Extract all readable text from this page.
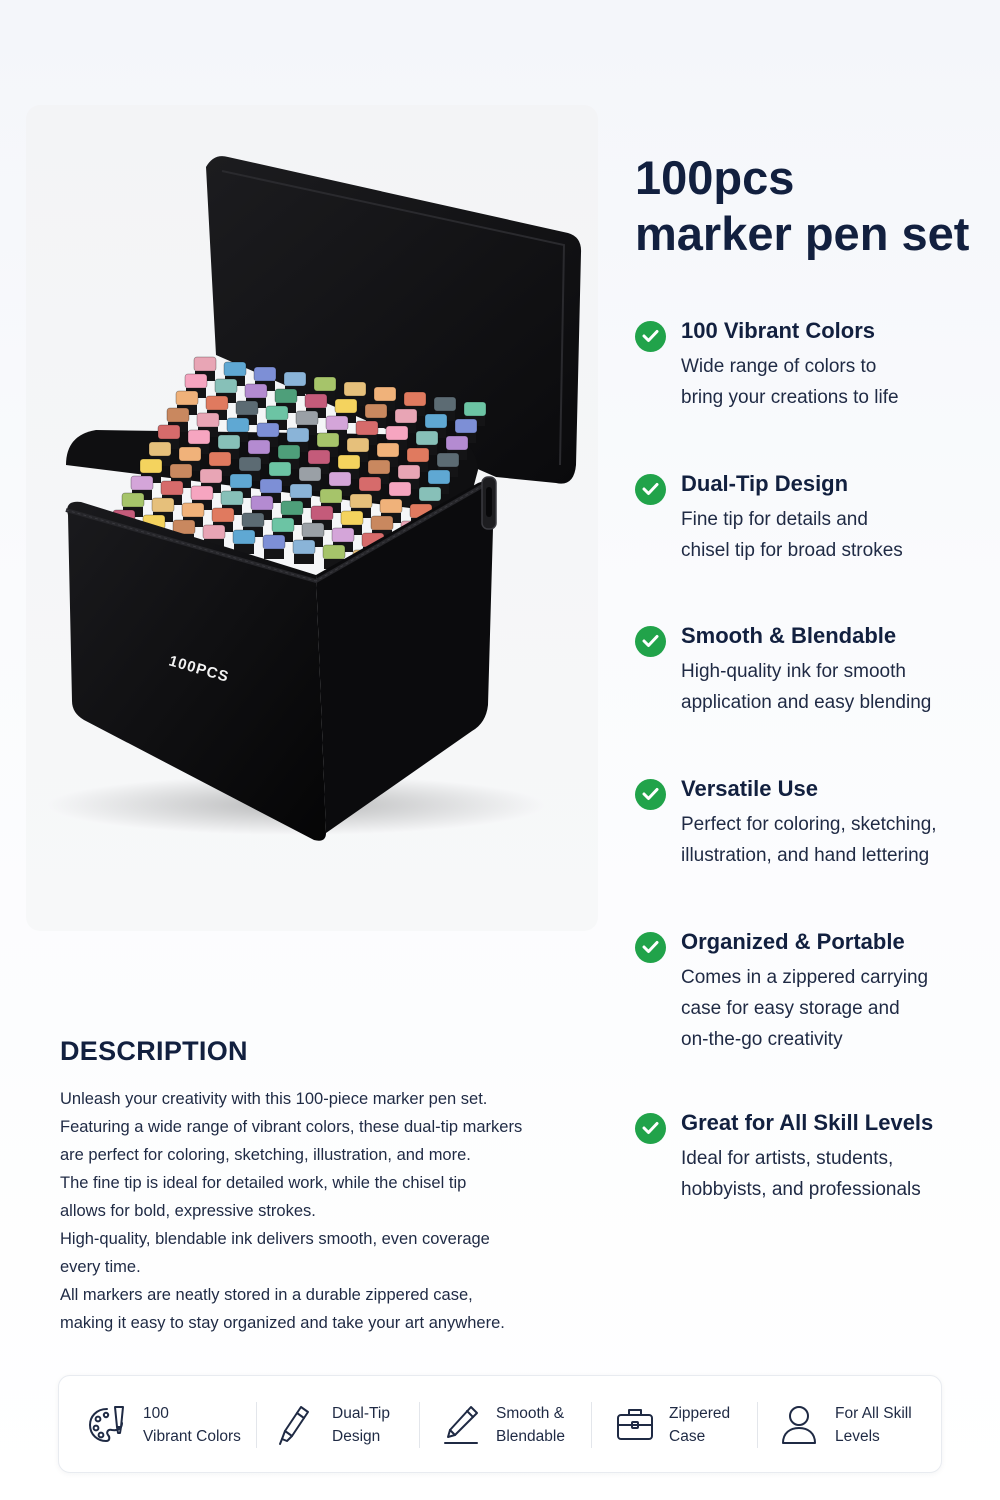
100PCS
100pcs
marker pen set
100 Vibrant Colors
Wide range of colors to
bring your creations to life
Dual-Tip Design
Fine tip for details and
chisel tip for broad strokes
Smooth & Blendable
High-quality ink for smooth
application and easy blending
Versatile Use
Perfect for coloring, sketching,
illustration, and hand lettering
Organized & Portable
Comes in a zippered carrying
case for easy storage and
on-the-go creativity
Great for All Skill Levels
Ideal for artists, students,
hobbyists, and professionals
DESCRIPTION
Unleash your creativity with this 100-piece marker pen set.
Featuring a wide range of vibrant colors, these dual-tip markers
are perfect for coloring, sketching, illustration, and more.
The fine tip is ideal for detailed work, while the chisel tip
allows for bold, expressive strokes.
High-quality, blendable ink delivers smooth, even coverage
every time.
All markers are neatly stored in a durable zippered case,
making it easy to stay organized and take your art anywhere.
100
Vibrant Colors
Dual-Tip
Design
Smooth &
Blendable
Zippered
Case
For All Skill
Levels
